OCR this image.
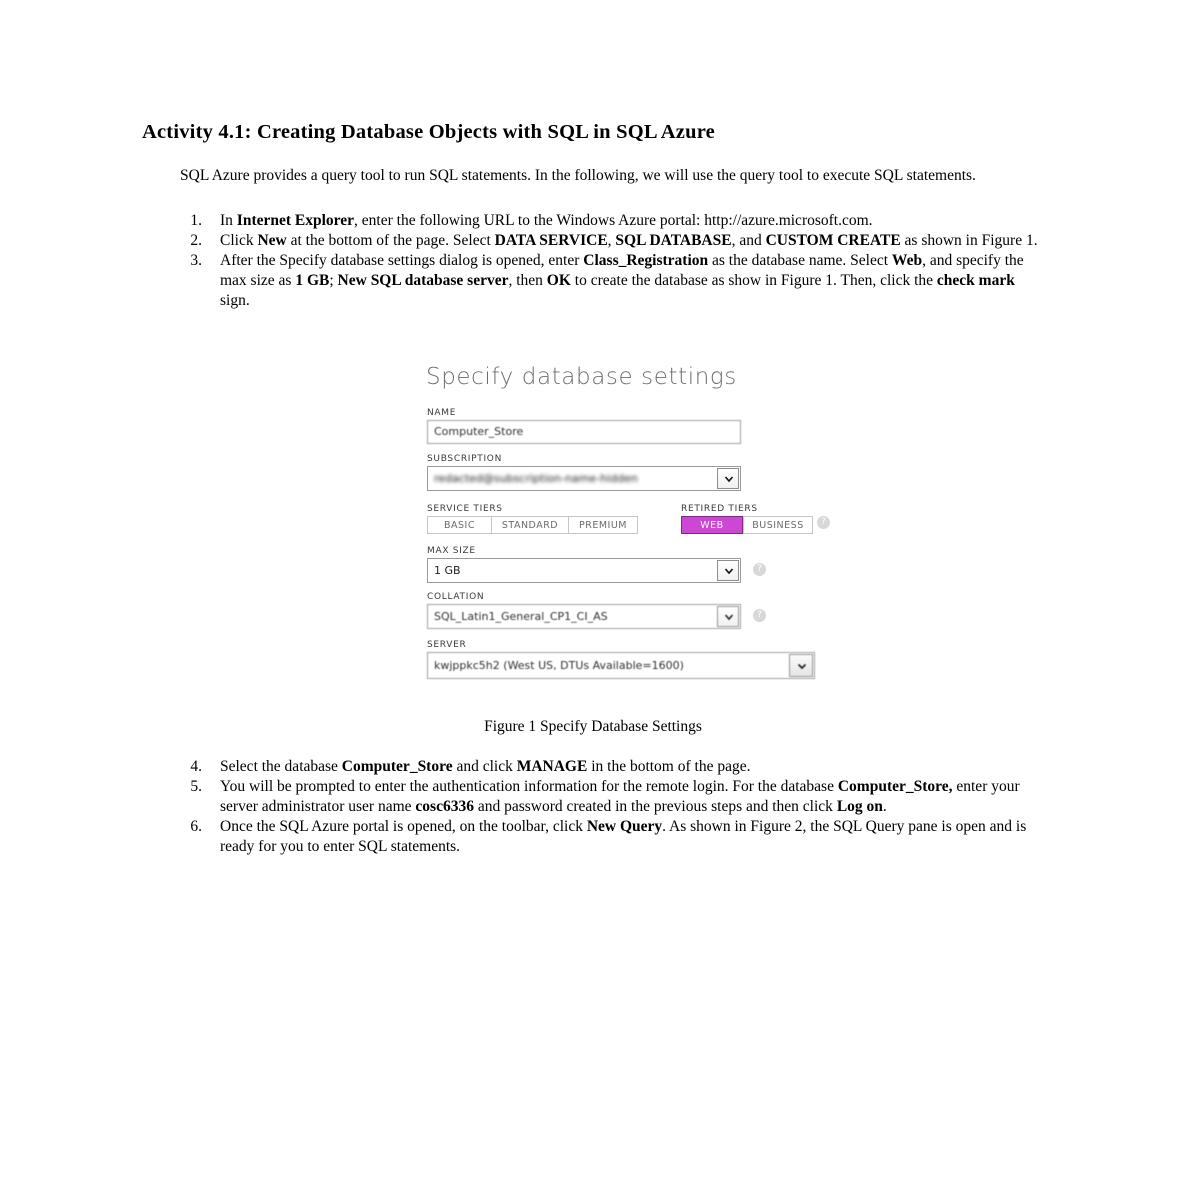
Activity 4.1: Creating Database Objects with SQL in SQL Azure

SQL Azure provides a query tool to run SQL statements. In the following, we will use the query tool to execute SQL statements.

1. In Internet Explorer, enter the following URL to the Windows Azure portal: http://azure.microsoft.com.
2. Click New at the bottom of the page. Select DATA SERVICE, SQL DATABASE, and CUSTOM CREATE as shown in Figure 1.
3. After the Specify database settings dialog is opened, enter Class_Registration as the database name. Select Web, and specify the max size as 1 GB; New SQL database server, then OK to create the database as show in Figure 1. Then, click the check mark sign.
Specify database settings
NAME
Computer_Store
SUBSCRIPTION
redacted@subscription-name-hidden
SERVICE TIERS
BASIC	STANDARD	PREMIUM
RETIRED TIERS
WEB	BUSINESS	?
MAX SIZE
1 GB	?
COLLATION
SQL_Latin1_General_CP1_CI_AS	?
SERVER
kwjppkc5h2 (West US, DTUs Available=1600)
Figure 1 Specify Database Settings
4. Select the database Computer_Store and click MANAGE in the bottom of the page.
5. You will be prompted to enter the authentication information for the remote login. For the database Computer_Store, enter your server administrator user name cosc6336 and password created in the previous steps and then click Log on.
6. Once the SQL Azure portal is opened, on the toolbar, click New Query. As shown in Figure 2, the SQL Query pane is open and is ready for you to enter SQL statements.
